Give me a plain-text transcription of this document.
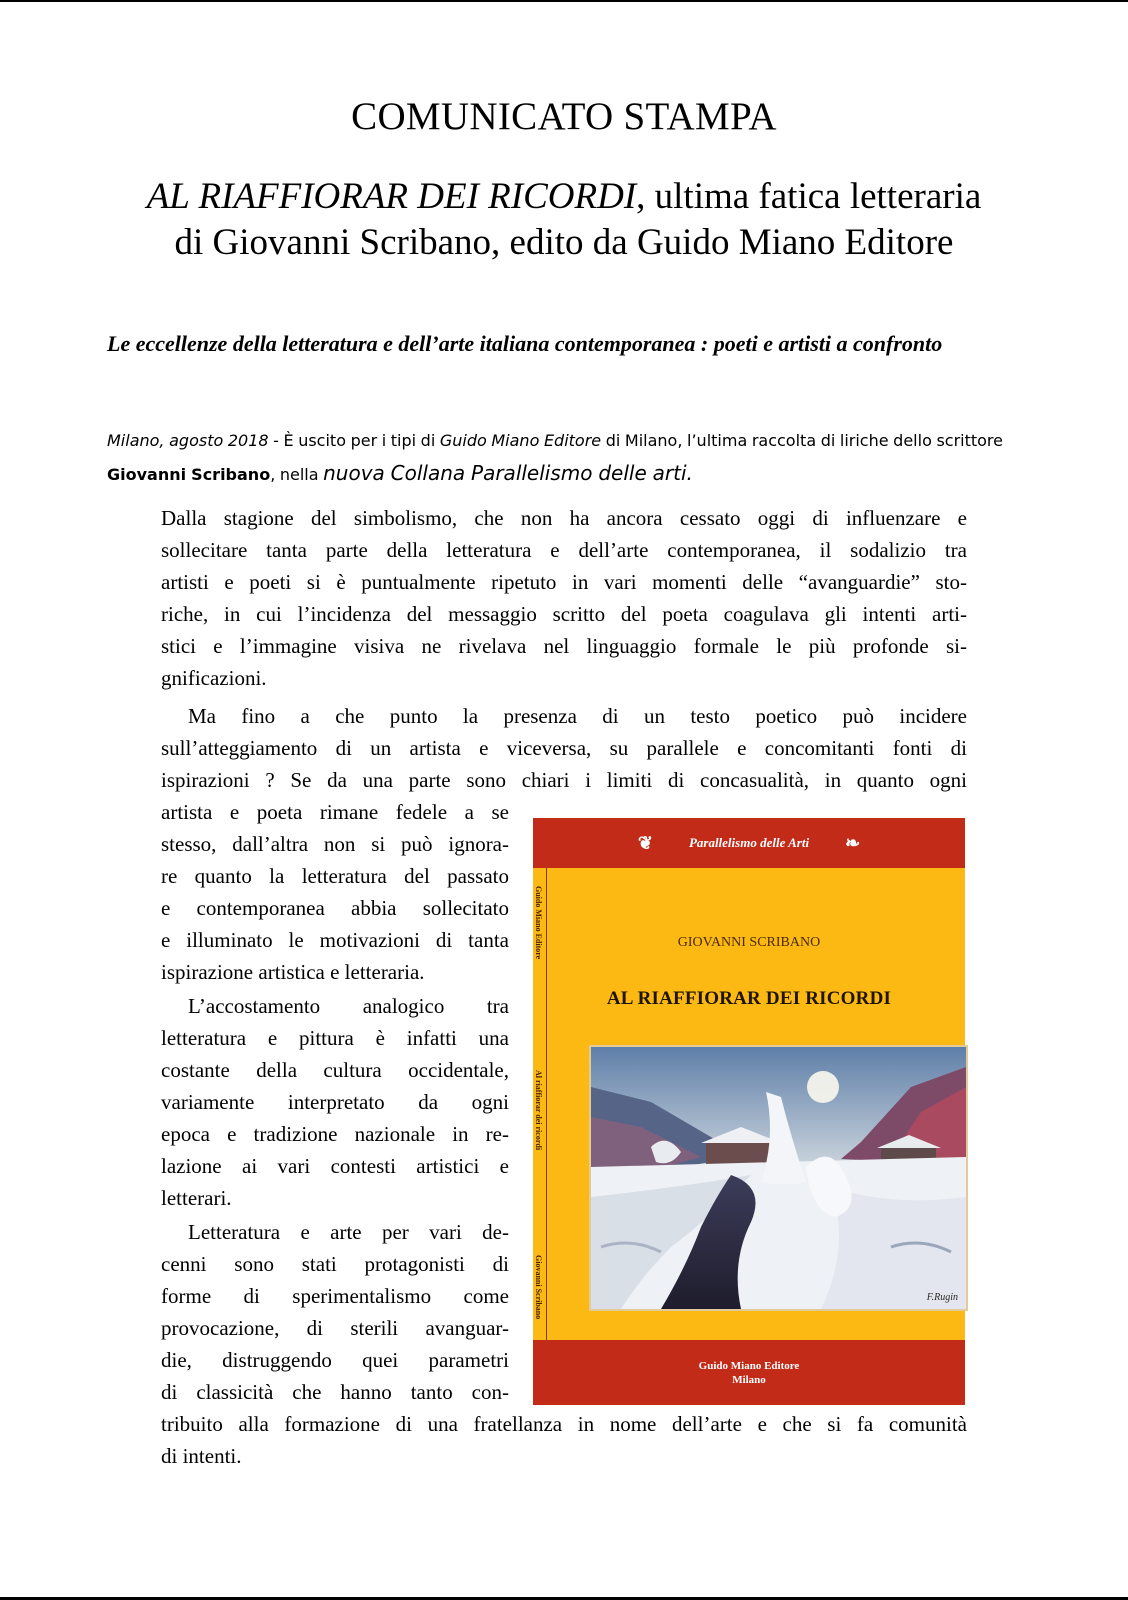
COMUNICATO STAMPA
AL RIAFFIORAR DEI RICORDI, ultima fatica letteraria
di Giovanni Scribano, edito da Guido Miano Editore
Le eccellenze della letteratura e dell’arte italiana contemporanea : poeti e artisti a confronto
Milano, agosto 2018 - È uscito per i tipi di Guido Miano Editore di Milano, l’ultima raccolta di liriche dello scrittore Giovanni Scribano, nella nuova Collana Parallelismo delle arti.
Dalla stagione del simbolismo, che non ha ancora cessato oggi di influenzare e
sollecitare tanta parte della letteratura e dell’arte contemporanea, il sodalizio tra
artisti e poeti si è puntualmente ripetuto in vari momenti delle “avanguardie” sto-
riche, in cui l’incidenza del messaggio scritto del poeta coagulava gli intenti arti-
stici e l’immagine visiva ne rivelava nel linguaggio formale le più profonde si-
gnificazioni.
Ma fino a che punto la presenza di un testo poetico può incidere
sull’atteggiamento di un artista e viceversa, su parallele e concomitanti fonti di
ispirazioni ? Se da una parte sono chiari i limiti di concasualità, in quanto ogni
artista e poeta rimane fedele a se
stesso, dall’altra non si può ignora-
re quanto la letteratura del passato
e contemporanea abbia sollecitato
e illuminato le motivazioni di tanta
ispirazione artistica e letteraria.
L’accostamento analogico tra
letteratura e pittura è infatti una
costante della cultura occidentale,
variamente interpretato da ogni
epoca e tradizione nazionale in re-
lazione ai vari contesti artistici e
letterari.
Letteratura e arte per vari de-
cenni sono stati protagonisti di
forme di sperimentalismo come
provocazione, di sterili avanguar-
die, distruggendo quei parametri
di classicità che hanno tanto con-
tribuito alla formazione di una fratellanza in nome dell’arte e che si fa comunità
di intenti.
❦	Parallelismo delle Arti ❧
Guido Miano Editore
Al riaffiorar dei ricordi
Giovanni Scribano
GIOVANNI SCRIBANO
AL RIAFFIORAR DEI RICORDI
F.Rugin
Guido Miano Editore
Milano
